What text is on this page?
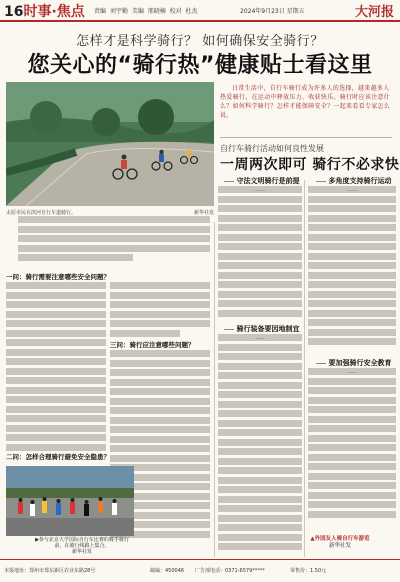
16时事·焦点 责编 刘宇勤 美编 邢晓楠 校对 杜杰	2024年9月23日 星期五	大河报
怎样才是科学骑行？ 如何确保安全骑行？
您关心的“骑行热”健康贴士看这里
太原市民在滨河自行车道骑行。	新华社发
日常生活中，自行车骑行成为许多人的选择，越来越多人热爱骑行，在运动中释放压力、收获快乐。骑行时应该注意什么？如何科学骑行？怎样才能保障安全？一起来看看专家怎么说。
自行车骑行活动如何良性发展
一周两次即可 骑行不必求快
一问：骑行需要注意哪些安全问题？
三问：骑行应注意哪些问题？
二问：怎样合理骑行避免安全隐患？
▶参与北京大学国际自行车比赛的骑手骑行前，在骑行线路上集合。
新华社发
守法文明骑行是前提
骑行装备要因地制宜
多角度支持骑行运动
要加强骑行安全教育
▲外国友人骑自行车游览
新华社发
本报地址：郑州市郑东新区农业东路28号	邮编：450046 广告部电话：0371-6579*****	零售价：1.50元
